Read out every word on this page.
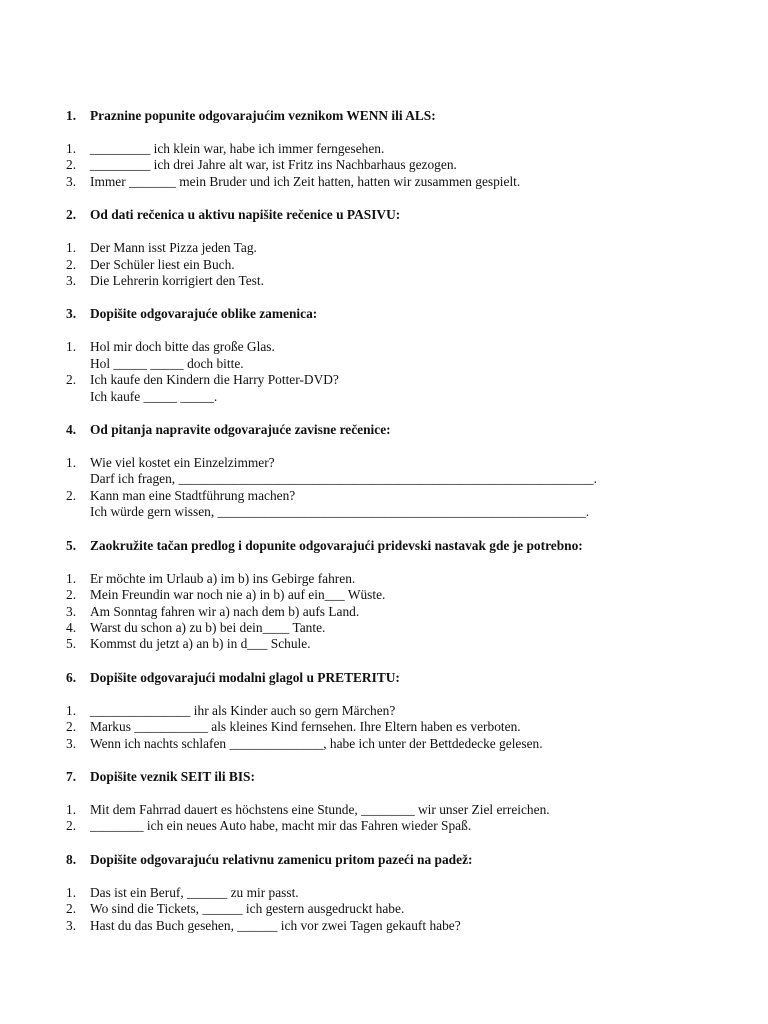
1.	Praznine popunite odgovarajućim veznikom WENN ili ALS:
1.	_________ ich klein war, habe ich immer ferngesehen.
2.	_________ ich drei Jahre alt war, ist Fritz ins Nachbarhaus gezogen.
3.	Immer _______ mein Bruder und ich Zeit hatten, hatten wir zusammen gespielt.
2.	Od dati rečenica u aktivu napišite rečenice u PASIVU:
1.	Der Mann isst Pizza jeden Tag.
2.	Der Schüler liest ein Buch.
3.	Die Lehrerin korrigiert den Test.
3.	Dopišite odgovarajuće oblike zamenica:
1.	Hol mir doch bitte das große Glas.
Hol _____ _____ doch bitte.
2.	Ich kaufe den Kindern die Harry Potter-DVD?
Ich kaufe _____ _____.
4.	Od pitanja napravite odgovarajuće zavisne rečenice:
1.	Wie viel kostet ein Einzelzimmer?
Darf ich fragen, ______________________________________________________________.
2.	Kann man eine Stadtführung machen?
Ich würde gern wissen, _______________________________________________________.
5.	Zaokružite tačan predlog i dopunite odgovarajući pridevski nastavak gde je potrebno:
1.	Er möchte im Urlaub a) im b) ins Gebirge fahren.
2.	Mein Freundin war noch nie a) in b) auf ein___ Wüste.
3.	Am Sonntag fahren wir a) nach dem b) aufs Land.
4.	Warst du schon a) zu b) bei dein____ Tante.
5.	Kommst du jetzt a) an b) in d___ Schule.
6.	Dopišite odgovarajući modalni glagol u PRETERITU:
1.	_______________ ihr als Kinder auch so gern Märchen?
2.	Markus ___________ als kleines Kind fernsehen. Ihre Eltern haben es verboten.
3.	Wenn ich nachts schlafen ______________, habe ich unter der Bettdedecke gelesen.
7.	Dopišite veznik SEIT ili BIS:
1.	Mit dem Fahrrad dauert es höchstens eine Stunde, ________ wir unser Ziel erreichen.
2.	________ ich ein neues Auto habe, macht mir das Fahren wieder Spaß.
8.	Dopišite odgovarajuću relativnu zamenicu pritom pazeći na padež:
1.	Das ist ein Beruf, ______ zu mir passt.
2.	Wo sind die Tickets, ______ ich gestern ausgedruckt habe.
3.	Hast du das Buch gesehen, ______ ich vor zwei Tagen gekauft habe?
